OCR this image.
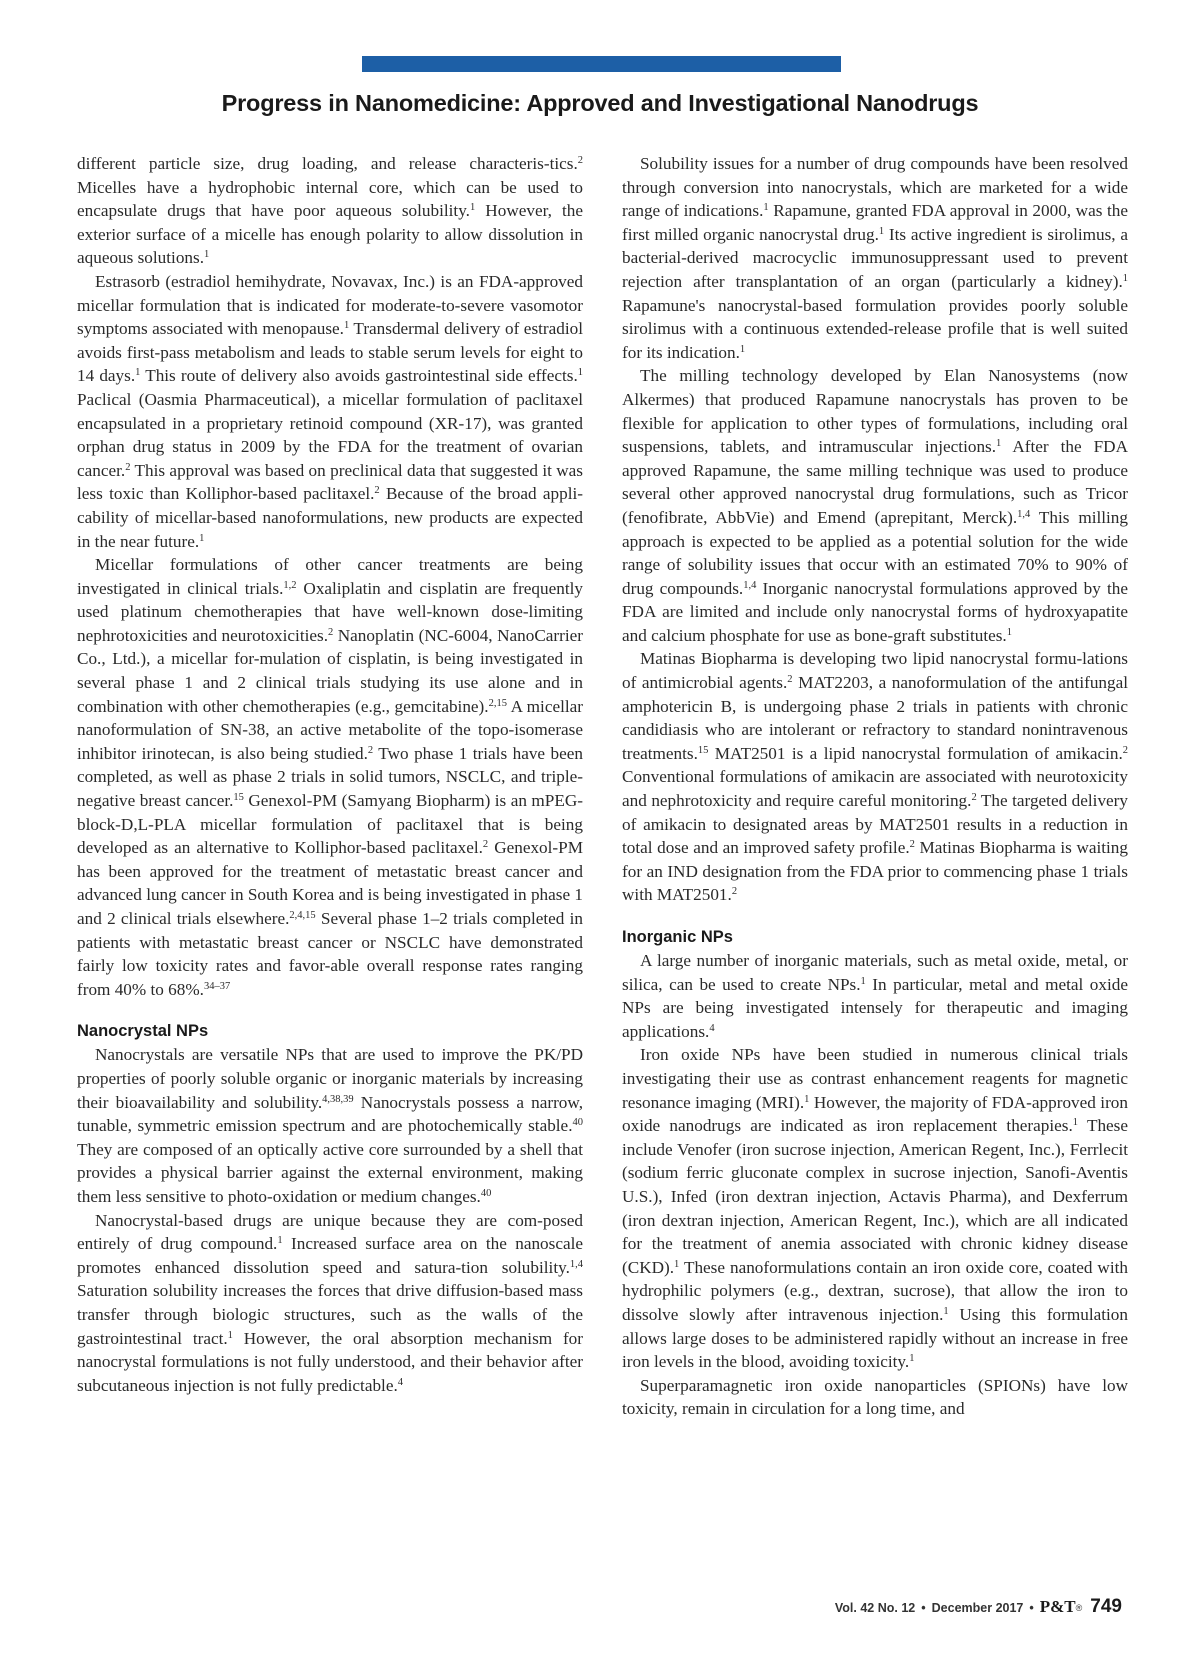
Progress in Nanomedicine: Approved and Investigational Nanodrugs

different particle size, drug loading, and release characteris-tics.$^2$ Micelles have a hydrophobic internal core, which can be used to encapsulate drugs that have poor aqueous solubility.$^1$ However, the exterior surface of a micelle has enough polarity to allow dissolution in aqueous solutions.$^1$

Estrasorb (estradiol hemihydrate, Novavax, Inc.) is an FDA-approved micellar formulation that is indicated for moderate-to-severe vasomotor symptoms associated with menopause.$^1$ Transdermal delivery of estradiol avoids first-pass metabolism and leads to stable serum levels for eight to 14 days.$^1$ This route of delivery also avoids gastrointestinal side effects.$^1$ Paclical (Oasmia Pharmaceutical), a micellar formulation of paclitaxel encapsulated in a proprietary retinoid compound (XR-17), was granted orphan drug status in 2009 by the FDA for the treatment of ovarian cancer.$^2$ This approval was based on preclinical data that suggested it was less toxic than Kolliphor-based paclitaxel.$^2$ Because of the broad appli-cability of micellar-based nanoformulations, new products are expected in the near future.$^1$

Micellar formulations of other cancer treatments are being investigated in clinical trials.$^{1,2}$ Oxaliplatin and cisplatin are frequently used platinum chemotherapies that have well-known dose-limiting nephrotoxicities and neurotoxicities.$^2$ Nanoplatin (NC-6004, NanoCarrier Co., Ltd.), a micellar for-mulation of cisplatin, is being investigated in several phase 1 and 2 clinical trials studying its use alone and in combination with other chemotherapies (e.g., gemcitabine).$^{2,15}$ A micellar nanoformulation of SN-38, an active metabolite of the topo-isomerase inhibitor irinotecan, is also being studied.$^2$ Two phase 1 trials have been completed, as well as phase 2 trials in solid tumors, NSCLC, and triple-negative breast cancer.$^{15}$ Genexol-PM (Samyang Biopharm) is an mPEG-block-D,L-PLA micellar formulation of paclitaxel that is being developed as an alternative to Kolliphor-based paclitaxel.$^2$ Genexol-PM has been approved for the treatment of metastatic breast cancer and advanced lung cancer in South Korea and is being investigated in phase 1 and 2 clinical trials elsewhere.$^{2,4,15}$ Several phase 1–2 trials completed in patients with metastatic breast cancer or NSCLC have demonstrated fairly low toxicity rates and favor-able overall response rates ranging from 40% to 68%.$^{34-37}$

Nanocrystal NPs

Nanocrystals are versatile NPs that are used to improve the PK/PD properties of poorly soluble organic or inorganic materials by increasing their bioavailability and solubility.$^{4,38,39}$ Nanocrystals possess a narrow, tunable, symmetric emission spectrum and are photochemically stable.$^{40}$ They are composed of an optically active core surrounded by a shell that provides a physical barrier against the external environment, making them less sensitive to photo-oxidation or medium changes.$^{40}$

Nanocrystal-based drugs are unique because they are com-posed entirely of drug compound.$^1$ Increased surface area on the nanoscale promotes enhanced dissolution speed and satura-tion solubility.$^{1,4}$ Saturation solubility increases the forces that drive diffusion-based mass transfer through biologic structures, such as the walls of the gastrointestinal tract.$^1$ However, the oral absorption mechanism for nanocrystal formulations is not fully understood, and their behavior after subcutaneous injection is not fully predictable.$^4$

Solubility issues for a number of drug compounds have been resolved through conversion into nanocrystals, which are marketed for a wide range of indications.$^1$ Rapamune, granted FDA approval in 2000, was the first milled organic nanocrystal drug.$^1$ Its active ingredient is sirolimus, a bacterial-derived macrocyclic immunosuppressant used to prevent rejection after transplantation of an organ (particularly a kidney).$^1$ Rapamune's nanocrystal-based formulation provides poorly soluble sirolimus with a continuous extended-release profile that is well suited for its indication.$^1$

The milling technology developed by Elan Nanosystems (now Alkermes) that produced Rapamune nanocrystals has proven to be flexible for application to other types of formulations, including oral suspensions, tablets, and intramuscular injections.$^1$ After the FDA approved Rapamune, the same milling technique was used to produce several other approved nanocrystal drug formulations, such as Tricor (fenofibrate, AbbVie) and Emend (aprepitant, Merck).$^{1,4}$ This milling approach is expected to be applied as a potential solution for the wide range of solubility issues that occur with an estimated 70% to 90% of drug compounds.$^{1,4}$ Inorganic nanocrystal formulations approved by the FDA are limited and include only nanocrystal forms of hydroxyapatite and calcium phosphate for use as bone-graft substitutes.$^1$

Matinas Biopharma is developing two lipid nanocrystal formu-lations of antimicrobial agents.$^2$ MAT2203, a nanoformulation of the antifungal amphotericin B, is undergoing phase 2 trials in patients with chronic candidiasis who are intolerant or refractory to standard nonintravenous treatments.$^{15}$ MAT2501 is a lipid nanocrystal formulation of amikacin.$^2$ Conventional formulations of amikacin are associated with neurotoxicity and nephrotoxicity and require careful monitoring.$^2$ The targeted delivery of amikacin to designated areas by MAT2501 results in a reduction in total dose and an improved safety profile.$^2$ Matinas Biopharma is waiting for an IND designation from the FDA prior to commencing phase 1 trials with MAT2501.$^2$

Inorganic NPs

A large number of inorganic materials, such as metal oxide, metal, or silica, can be used to create NPs.$^1$ In particular, metal and metal oxide NPs are being investigated intensely for therapeutic and imaging applications.$^4$

Iron oxide NPs have been studied in numerous clinical trials investigating their use as contrast enhancement reagents for magnetic resonance imaging (MRI).$^1$ However, the majority of FDA-approved iron oxide nanodrugs are indicated as iron replacement therapies.$^1$ These include Venofer (iron sucrose injection, American Regent, Inc.), Ferrlecit (sodium ferric gluconate complex in sucrose injection, Sanofi-Aventis U.S.), Infed (iron dextran injection, Actavis Pharma), and Dexferrum (iron dextran injection, American Regent, Inc.), which are all indicated for the treatment of anemia associated with chronic kidney disease (CKD).$^1$ These nanoformulations contain an iron oxide core, coated with hydrophilic polymers (e.g., dextran, sucrose), that allow the iron to dissolve slowly after intravenous injection.$^1$ Using this formulation allows large doses to be administered rapidly without an increase in free iron levels in the blood, avoiding toxicity.$^1$

Superparamagnetic iron oxide nanoparticles (SPIONs) have low toxicity, remain in circulation for a long time, and

Vol. 42 No. 12 • December 2017 • P&T® 749
